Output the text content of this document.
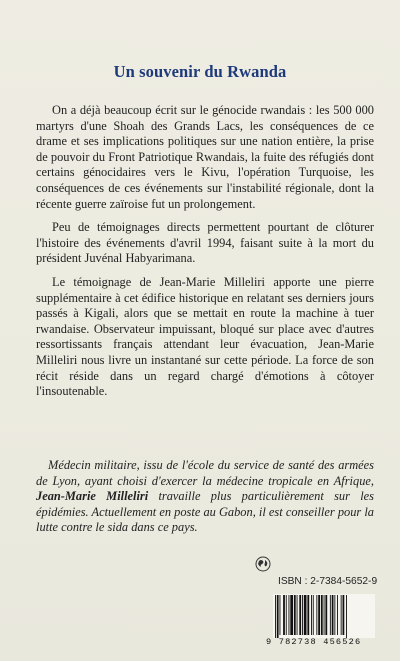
Un souvenir du Rwanda

On a déjà beaucoup écrit sur le génocide rwandais : les 500 000 martyrs d'une Shoah des Grands Lacs, les conséquences de ce drame et ses implications politiques sur une nation entière, la prise de pouvoir du Front Patriotique Rwandais, la fuite des réfugiés dont certains génocidaires vers le Kivu, l'opération Turquoise, les conséquences de ces événements sur l'instabilité régionale, dont la récente guerre zaïroise fut un prolongement.

Peu de témoignages directs permettent pourtant de clôturer l'histoire des événements d'avril 1994, faisant suite à la mort du président Juvénal Habyarimana.

Le témoignage de Jean-Marie Milleliri apporte une pierre supplémentaire à cet édifice historique en relatant ses derniers jours passés à Kigali, alors que se mettait en route la machine à tuer rwandaise. Observateur impuissant, bloqué sur place avec d'autres ressortissants français attendant leur évacuation, Jean-Marie Milleliri nous livre un instantané sur cette période. La force de son récit réside dans un regard chargé d'émotions à côtoyer l'insoutenable.

Médecin militaire, issu de l'école du service de santé des armées de Lyon, ayant choisi d'exercer la médecine tropicale en Afrique, Jean-Marie Milleliri travaille plus particulièrement sur les épidémies. Actuellement en poste au Gabon, il est conseiller pour la lutte contre le sida dans ce pays.

ISBN : 2-7384-5652-9
9 782738 456526
